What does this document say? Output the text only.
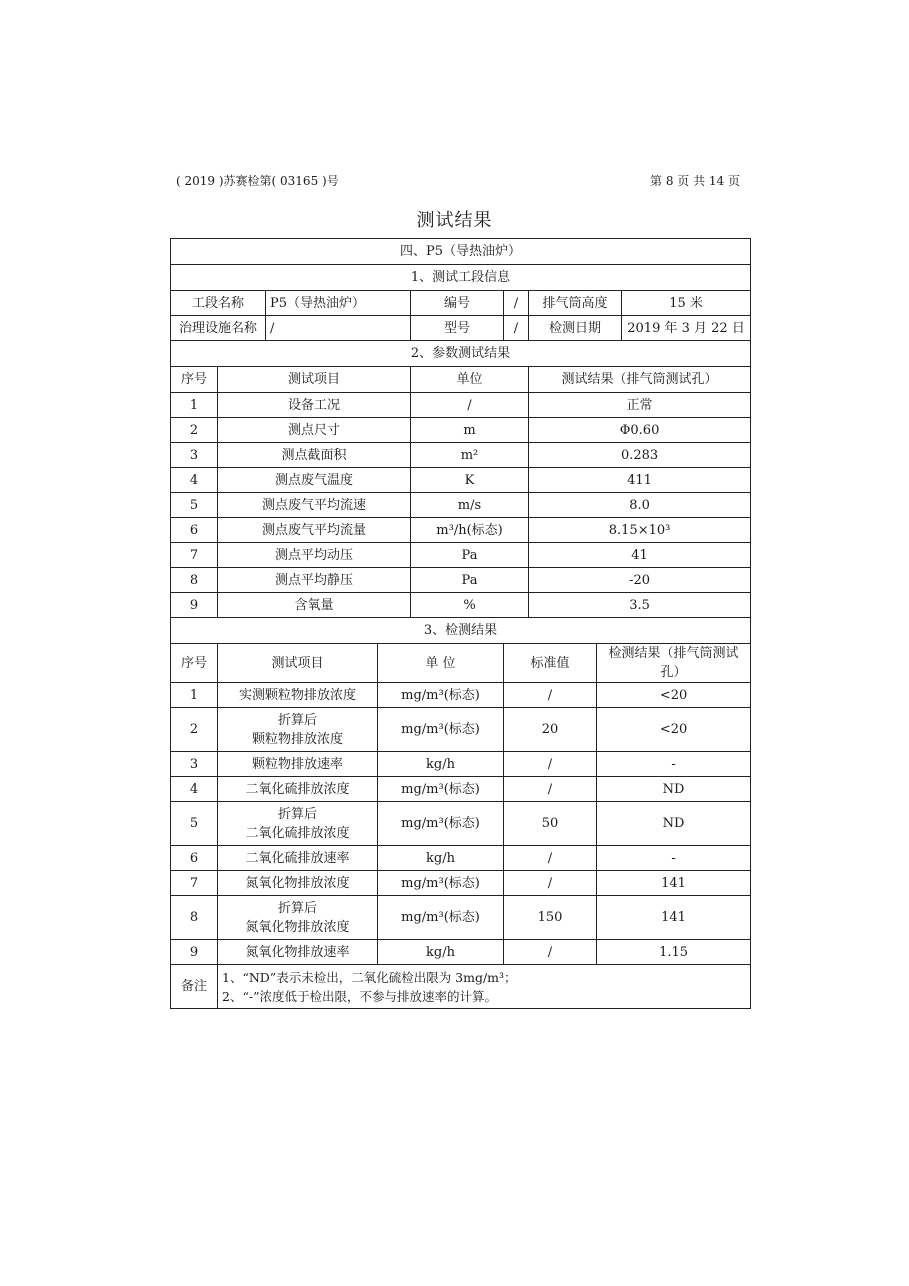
( 2019 )苏赛检第( 03165 )号	第 8 页 共 14 页
测试结果
四、P5（导热油炉）								
1、测试工段信息								
工段名称		P5（导热油炉）		编号	/	排气筒高度		15 米
治理设施名称		/		型号	/	检测日期		2019 年 3 月 22 日
2、参数测试结果								
序号	测试项目			单位		测试结果（排气筒测试孔）		
1	设备工况			/		正常		
2	测点尺寸			m		Φ0.60		
3	测点截面积			m²		0.283		
4	测点废气温度			K		411		
5	测点废气平均流速			m/s		8.0		
6	测点废气平均流量			m³/h(标态)		8.15×10³		
7	测点平均动压			Pa		41		
8	测点平均静压			Pa		-20		
9	含氧量			%		3.5		
3、检测结果								
序号	测试项目		单 位		标准值		检测结果（排气筒测试孔）	
1	实测颗粒物排放浓度		mg/m³(标态)		/		<20	
2	折算后
颗粒物排放浓度		mg/m³(标态)		20		<20	
3	颗粒物排放速率		kg/h		/		-	
4	二氧化硫排放浓度		mg/m³(标态)		/		ND	
5	折算后
二氧化硫排放浓度		mg/m³(标态)		50		ND	
6	二氧化硫排放速率		kg/h		/		-	
7	氮氧化物排放浓度		mg/m³(标态)		/		141	
8	折算后
氮氧化物排放浓度		mg/m³(标态)		150		141	
9	氮氧化物排放速率		kg/h		/		1.15	
备注	1、“ND”表示未检出，二氧化硫检出限为 3mg/m³；
2、“-”浓度低于检出限，不参与排放速率的计算。							
